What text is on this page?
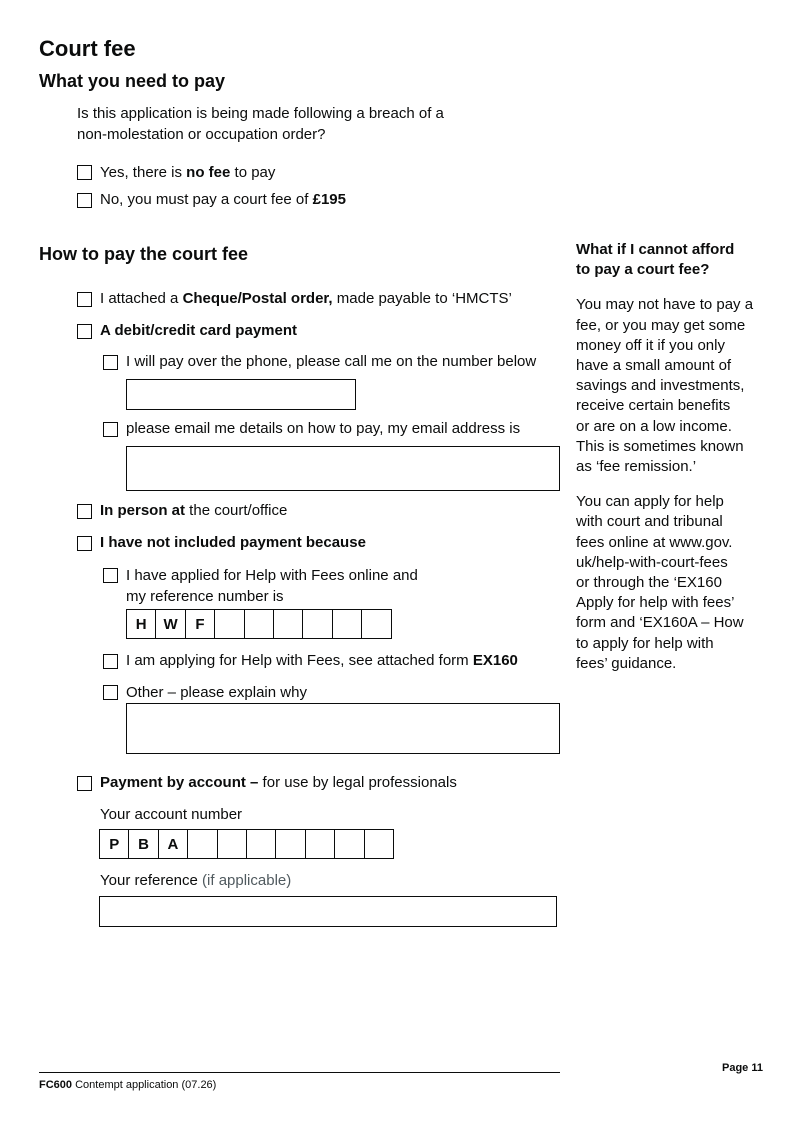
Court fee
What you need to pay
Is this application is being made following a breach of a
non-molestation or occupation order?
Yes, there is no fee to pay
No, you must pay a court fee of £195
How to pay the court fee
I attached a Cheque/Postal order, made payable to ‘HMCTS’
A debit/credit card payment
I will pay over the phone, please call me on the number below
please email me details on how to pay, my email address is
In person at the court/office
I have not included payment because
I have applied for Help with Fees online and
my reference number is
H	W	F
I am applying for Help with Fees, see attached form EX160
Other – please explain why
Payment by account – for use by legal professionals
Your account number
P	B	A
Your reference (if applicable)
What if I cannot afford
to pay a court fee?
You may not have to pay a
fee, or you may get some
money off it if you only
have a small amount of
savings and investments,
receive certain benefits
or are on a low income.
This is sometimes known
as ‘fee remission.’
You can apply for help
with court and tribunal
fees online at www.gov.
uk/help-with-court-fees
or through the ‘EX160
Apply for help with fees’
form and ‘EX160A – How
to apply for help with
fees’ guidance.
Page 11
FC600 Contempt application (07.26)
